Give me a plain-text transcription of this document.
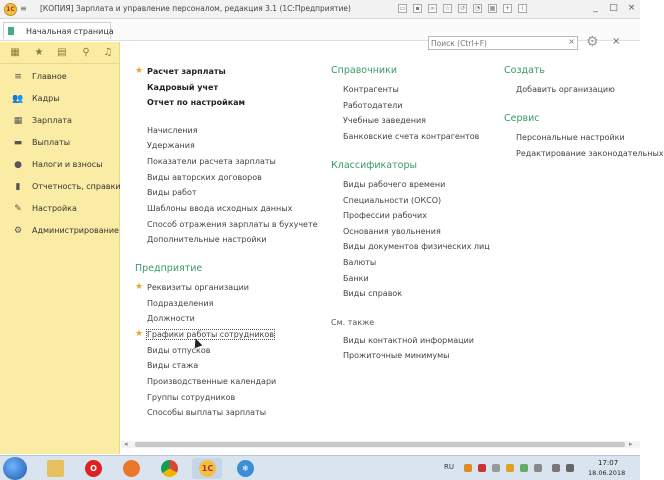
1С ≡ [КОПИЯ] Зарплата и управление персоналом, редакция 3.1 (1С:Предприятие)	▭	▪	∞	☆	↺	◔	▦	+	i	_	□ ×
Начальная страница
Поиск (Ctrl+F)
× ⚙ ×
▦ ★ ▤ ⚲ ♫
≡ Главное
👥 Кадры
▦ Зарплата
▬ Выплаты
● Налоги и взносы
▮	Отчетность, справки
✎ Настройка
⚙ Администрирование
★ Расчет зарплаты
Кадровый учет
Отчет по настройкам
Начисления
Удержания
Показатели расчета зарплаты
Виды авторских договоров
Виды работ
Шаблоны ввода исходных данных
Способ отражения зарплаты в бухучете
Дополнительные настройки
Предприятие
★ Реквизиты организации
Подразделения
Должности
★ Графики работы сотрудников
Виды отпусков
Виды стажа
Производственные календари
Группы сотрудников
Способы выплаты зарплаты
Справочники
Контрагенты
Работодатели
Учебные заведения
Банковские счета контрагентов
Классификаторы
Виды рабочего времени
Специальности (ОКСО)
Профессии рабочих
Основания увольнения
Виды документов физических лиц
Валюты
Банки
Виды справок
См. также
Виды контактной информации
Прожиточные минимумы
Создать
Добавить организацию
Сервис
Персональные настройки
Редактирование законодательных
◂	▸
O	1С	❄	RU	17:07
18.06.2018
